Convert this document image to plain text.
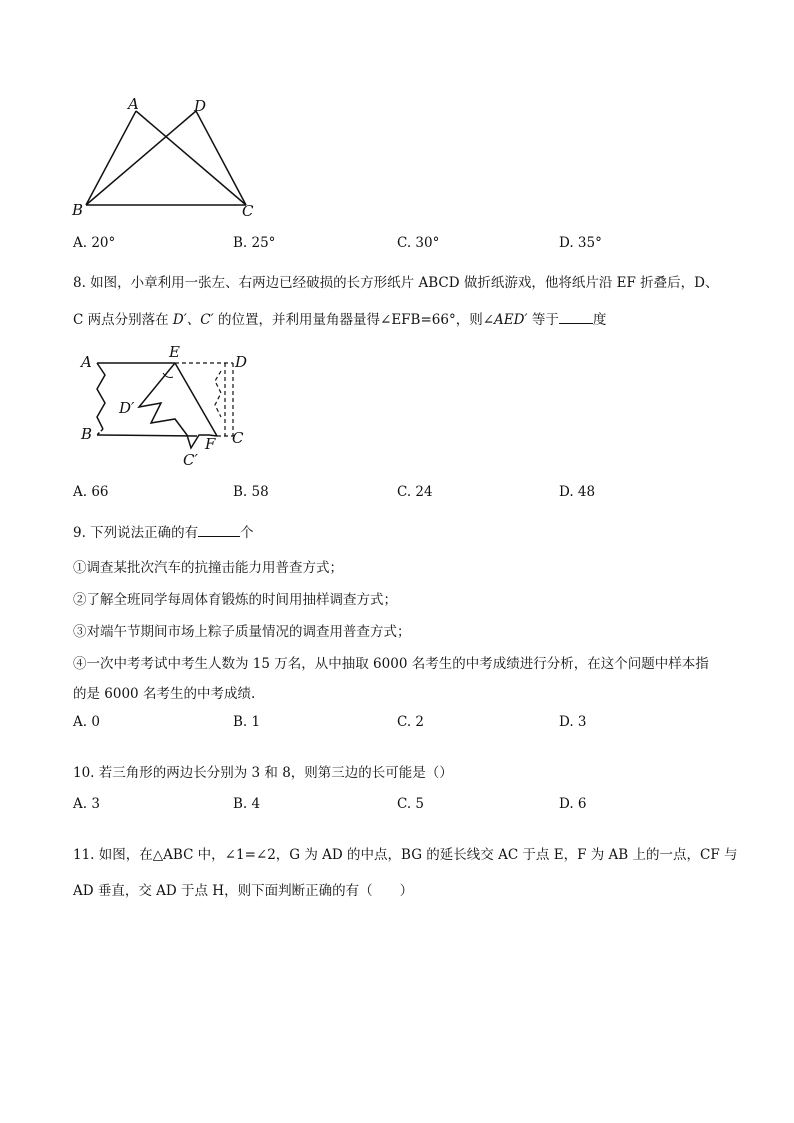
A	D
B	C
A. 20°	B. 25°	C. 30°	D. 35°
8. 如图，小章利用一张左、右两边已经破损的长方形纸片 ABCD 做折纸游戏，他将纸片沿 EF 折叠后，D、
C 两点分别落在 D′、C′ 的位置，并利用量角器量得∠EFB=66°，则∠AED′ 等于	度
A
E
D
D′
B
F C
C′
A. 66	B. 58	C. 24	D. 48
9. 下列说法正确的有	个
①调查某批次汽车的抗撞击能力用普查方式；
②了解全班同学每周体育锻炼的时间用抽样调查方式；
③对端午节期间市场上粽子质量情况的调查用普查方式；
④一次中考考试中考生人数为 15 万名，从中抽取 6000 名考生的中考成绩进行分析，在这个问题中样本指
的是 6000 名考生的中考成绩.
A. 0	B. 1	C. 2	D. 3
10. 若三角形的两边长分别为 3 和 8，则第三边的长可能是（）
A. 3	B. 4	C. 5	D. 6
11. 如图，在△ABC 中，∠1=∠2，G 为 AD 的中点，BG 的延长线交 AC 于点 E，F 为 AB 上的一点，CF 与
AD 垂直，交 AD 于点 H，则下面判断正确的有（　　）
